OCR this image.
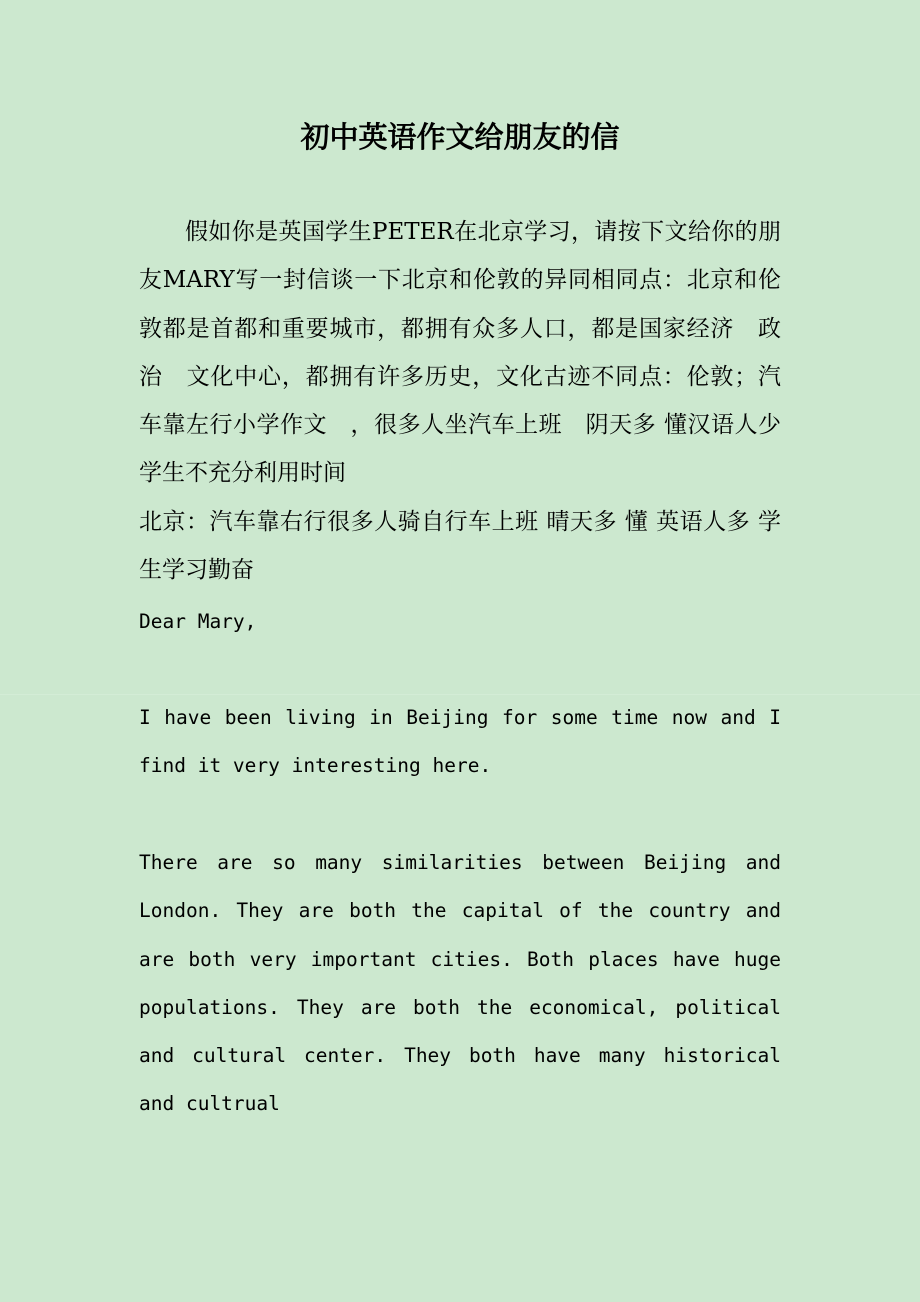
初中英语作文给朋友的信

假如你是英国学生PETER在北京学习，请按下文给你的朋友MARY写一封信谈一下北京和伦敦的异同相同点：北京和伦敦都是首都和重要城市，都拥有众多人口，都是国家经济　政治　文化中心，都拥有许多历史，文化古迹不同点：伦敦；汽车靠左行小学作文　，很多人坐汽车上班　阴天多 懂汉语人少 学生不充分利用时间

北京：汽车靠右行很多人骑自行车上班 晴天多 懂 英语人多 学生学习勤奋

Dear Mary,

I have been living in Beijing for some time now and I find it very interesting here.

There are so many similarities between Beijing and London. They are both the capital of the country and are both very important cities. Both places have huge populations. They are both the economical, political and cultural center. They both have many historical and cultrual
